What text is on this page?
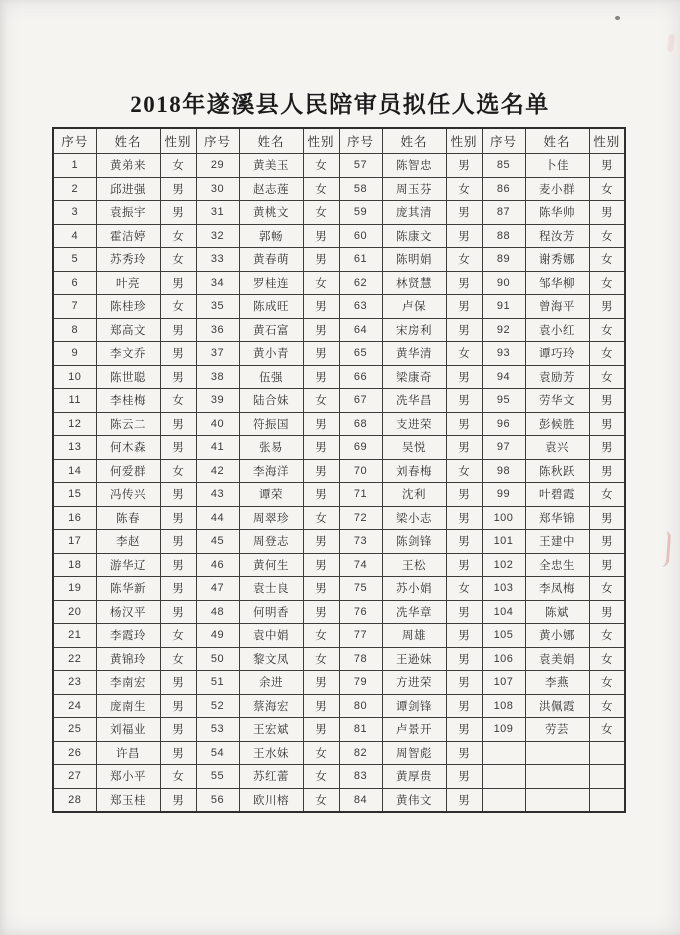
2018年遂溪县人民陪审员拟任人选名单
序号	姓名	性别	序号	姓名	性别	序号	姓名	性别	序号	姓名	性别
1	黄弟来	女	29	黄美玉	女	57	陈智忠	男	85	卜佳	男
2	邱进强	男	30	赵志莲	女	58	周玉芬	女	86	麦小群	女
3	袁振宇	男	31	黄桃文	女	59	庞其清	男	87	陈华帅	男
4	霍洁婷	女	32	郭畅	男	60	陈康文	男	88	程汝芳	女
5	苏秀玲	女	33	黄春萌	男	61	陈明娟	女	89	谢秀娜	女
6	叶亮	男	34	罗桂连	女	62	林贤慧	男	90	邹华柳	女
7	陈桂珍	女	35	陈成旺	男	63	卢保	男	91	曾海平	男
8	郑高文	男	36	黄石富	男	64	宋房利	男	92	袁小红	女
9	李文乔	男	37	黄小青	男	65	黄华清	女	93	谭巧玲	女
10	陈世聪	男	38	伍强	男	66	梁康奇	男	94	袁励芳	女
11	李桂梅	女	39	陆合妹	女	67	冼华昌	男	95	劳华文	男
12	陈云二	男	40	符振国	男	68	支进荣	男	96	彭候胜	男
13	何木森	男	41	张易	男	69	吴悦	男	97	袁兴	男
14	何爱群	女	42	李海洋	男	70	刘春梅	女	98	陈秋跃	男
15	冯传兴	男	43	谭荣	男	71	沈利	男	99	叶碧霞	女
16	陈春	男	44	周翠珍	女	72	梁小志	男	100	郑华锦	男
17	李赵	男	45	周登志	男	73	陈剑锋	男	101	王建中	男
18	游华辽	男	46	黄何生	男	74	王松	男	102	全忠生	男
19	陈华新	男	47	袁士良	男	75	苏小娟	女	103	李凤梅	女
20	杨汉平	男	48	何明香	男	76	冼华章	男	104	陈斌	男
21	李霞玲	女	49	袁中娟	女	77	周雄	男	105	黄小娜	女
22	黄锦玲	女	50	黎文凤	女	78	王逊妹	男	106	袁美娟	女
23	李南宏	男	51	余进	男	79	方进荣	男	107	李燕	女
24	庞南生	男	52	蔡海宏	男	80	谭剑锋	男	108	洪佩霞	女
25	刘福业	男	53	王宏斌	男	81	卢景开	男	109	劳芸	女
26	许昌	男	54	王水妹	女	82	周智彪	男			
27	郑小平	女	55	苏红蕾	女	83	黄厚贵	男			
28	郑玉桂	男	56	欧川榕	女	84	黄伟文	男			
